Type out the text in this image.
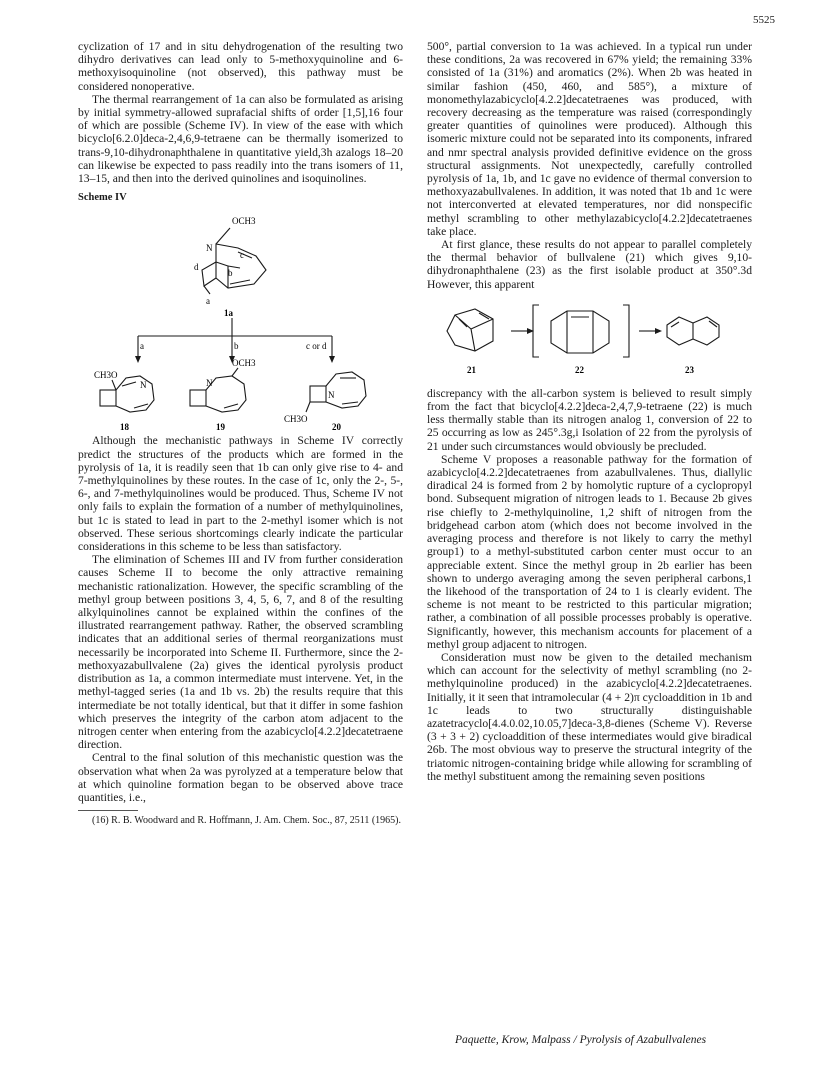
5525

cyclization of 17 and in situ dehydrogenation of the resulting two dihydro derivatives can lead only to 5-methoxyquinoline and 6-methoxyisoquinoline (not observed), this pathway must be considered nonoperative.

The thermal rearrangement of 1a can also be formulated as arising by initial symmetry-allowed suprafacial shifts of order [1,5],16 four of which are possible (Scheme IV). In view of the ease with which bicyclo[6.2.0]deca-2,4,6,9-tetraene can be thermally isomerized to trans-9,10-dihydronaphthalene in quantitative yield,3h azalogs 18–20 can likewise be expected to pass readily into the trans isomers of 11, 13–15, and then into the derived quinolines and isoquinolines.

Scheme IV
OCH3
N
c
d
b
a
1a
a	b	c or d
CH3O
N
OCH3
N
CH3O
N
18	19	20

Although the mechanistic pathways in Scheme IV correctly predict the structures of the products which are formed in the pyrolysis of 1a, it is readily seen that 1b can only give rise to 4- and 7-methylquinolines by these routes. In the case of 1c, only the 2-, 5-, 6-, and 7-methylquinolines would be produced. Thus, Scheme IV not only fails to explain the formation of a number of methylquinolines, but 1c is stated to lead in part to the 2-methyl isomer which is not observed. These serious shortcomings clearly indicate the particular considerations in this scheme to be less than satisfactory.

The elimination of Schemes III and IV from further consideration causes Scheme II to become the only attractive remaining mechanistic rationalization. However, the specific scrambling of the methyl group between positions 3, 4, 5, 6, 7, and 8 of the resulting alkylquinolines cannot be explained within the confines of the illustrated rearrangement pathway. Rather, the observed scrambling indicates that an additional series of thermal reorganizations must necessarily be incorporated into Scheme II. Furthermore, since the 2-methoxyazabullvalene (2a) gives the identical pyrolysis product distribution as 1a, a common intermediate must intervene. Yet, in the methyl-tagged series (1a and 1b vs. 2b) the results require that this intermediate be not totally identical, but that it differ in some fashion which preserves the integrity of the carbon atom adjacent to the nitrogen center when entering from the azabicyclo[4.2.2]decatetraene direction.

Central to the final solution of this mechanistic question was the observation what when 2a was pyrolyzed at a temperature below that at which quinoline formation began to be observed above trace quantities, i.e.,

(16) R. B. Woodward and R. Hoffmann, J. Am. Chem. Soc., 87, 2511 (1965).

500°, partial conversion to 1a was achieved. In a typical run under these conditions, 2a was recovered in 67% yield; the remaining 33% consisted of 1a (31%) and aromatics (2%). When 2b was heated in similar fashion (450, 460, and 585°), a mixture of monomethylazabicyclo[4.2.2]decatetraenes was produced, with recovery decreasing as the temperature was raised (correspondingly greater quantities of quinolines were produced). Although this isomeric mixture could not be separated into its components, infrared and nmr spectral analysis provided definitive evidence on the gross structural assignments. Not unexpectedly, carefully controlled pyrolysis of 1a, 1b, and 1c gave no evidence of thermal conversion to methoxyazabullvalenes. In addition, it was noted that 1b and 1c were not interconverted at elevated temperatures, nor did nonspecific methyl scrambling to other methylazabicyclo[4.2.2]decatetraenes take place.

At first glance, these results do not appear to parallel completely the thermal behavior of bullvalene (21) which gives 9,10-dihydronaphthalene (23) as the first isolable product at 350°.3d However, this apparent

21	22	23

discrepancy with the all-carbon system is believed to result simply from the fact that bicyclo[4.2.2]deca-2,4,7,9-tetraene (22) is much less thermally stable than its nitrogen analog 1, conversion of 22 to 25 occurring as low as 245°.3g,i Isolation of 22 from the pyrolysis of 21 under such circumstances would obviously be precluded.

Scheme V proposes a reasonable pathway for the formation of azabicyclo[4.2.2]decatetraenes from azabullvalenes. Thus, diallylic diradical 24 is formed from 2 by homolytic rupture of a cyclopropyl bond. Subsequent migration of nitrogen leads to 1. Because 2b gives rise chiefly to 2-methylquinoline, 1,2 shift of nitrogen from the bridgehead carbon atom (which does not become involved in the averaging process and therefore is not likely to carry the methyl group1) to a methyl-substituted carbon center must occur to an appreciable extent. Since the methyl group in 2b earlier has been shown to undergo averaging among the seven peripheral carbons,1 the likehood of the transportation of 24 to 1 is clearly evident. The scheme is not meant to be restricted to this particular migration; rather, a combination of all possible processes probably is operative. Significantly, however, this mechanism accounts for placement of a methyl group adjacent to nitrogen.

Consideration must now be given to the detailed mechanism which can account for the selectivity of methyl scrambling (no 2-methylquinoline produced) in the azabicyclo[4.2.2]decatetraenes. Initially, it it seen that intramolecular (4 + 2)π cycloaddition in 1b and 1c leads to two structurally distinguishable azatetracyclo[4.4.0.02,10.05,7]deca-3,8-dienes (Scheme V). Reverse (3 + 3 + 2) cycloaddition of these intermediates would give biradical 26b. The most obvious way to preserve the structural integrity of the triatomic nitrogen-containing bridge while allowing for scrambling of the methyl substituent among the remaining seven positions

Paquette, Krow, Malpass / Pyrolysis of Azabullvalenes
